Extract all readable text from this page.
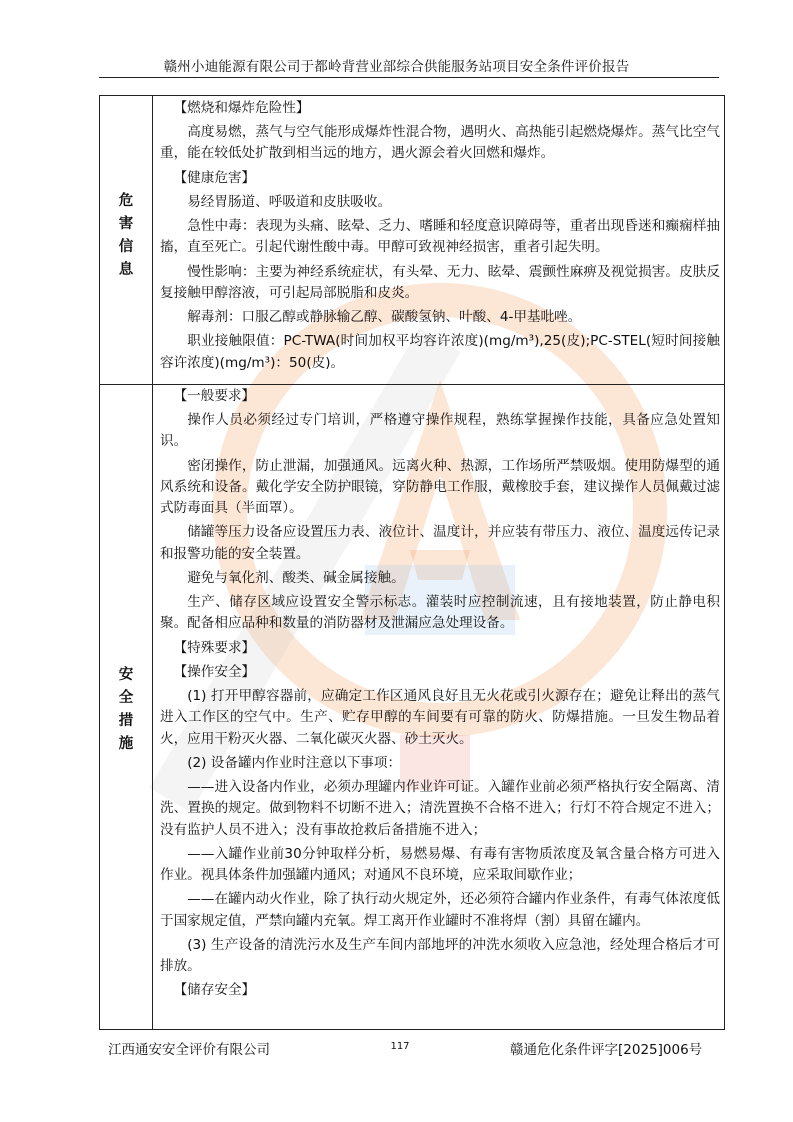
赣州小迪能源有限公司于都岭背营业部综合供能服务站项目安全条件评价报告
危
害
信
息
安
全
措
施

【燃烧和爆炸危险性】

高度易燃，蒸气与空气能形成爆炸性混合物，遇明火、高热能引起燃烧爆炸。蒸气比空气重，能在较低处扩散到相当远的地方，遇火源会着火回燃和爆炸。

【健康危害】

易经胃肠道、呼吸道和皮肤吸收。

急性中毒：表现为头痛、眩晕、乏力、嗜睡和轻度意识障碍等，重者出现昏迷和癫痫样抽搐，直至死亡。引起代谢性酸中毒。甲醇可致视神经损害，重者引起失明。

慢性影响：主要为神经系统症状，有头晕、无力、眩晕、震颤性麻痹及视觉损害。皮肤反复接触甲醇溶液，可引起局部脱脂和皮炎。

解毒剂：口服乙醇或静脉输乙醇、碳酸氢钠、叶酸、4-甲基吡唑。

职业接触限值：PC-TWA(时间加权平均容许浓度)(mg/m³),25(皮);PC-STEL(短时间接触容许浓度)(mg/m³)：50(皮)。

【一般要求】

操作人员必须经过专门培训，严格遵守操作规程，熟练掌握操作技能，具备应急处置知识。

密闭操作，防止泄漏，加强通风。远离火种、热源，工作场所严禁吸烟。使用防爆型的通风系统和设备。戴化学安全防护眼镜，穿防静电工作服，戴橡胶手套，建议操作人员佩戴过滤式防毒面具（半面罩）。

储罐等压力设备应设置压力表、液位计、温度计，并应装有带压力、液位、温度远传记录和报警功能的安全装置。

避免与氧化剂、酸类、碱金属接触。

生产、储存区域应设置安全警示标志。灌装时应控制流速，且有接地装置，防止静电积聚。配备相应品种和数量的消防器材及泄漏应急处理设备。

【特殊要求】

【操作安全】

(1) 打开甲醇容器前，应确定工作区通风良好且无火花或引火源存在；避免让释出的蒸气进入工作区的空气中。生产、贮存甲醇的车间要有可靠的防火、防爆措施。一旦发生物品着火，应用干粉灭火器、二氧化碳灭火器、砂土灭火。

(2) 设备罐内作业时注意以下事项：

——进入设备内作业，必须办理罐内作业许可证。入罐作业前必须严格执行安全隔离、清洗、置换的规定。做到物料不切断不进入；清洗置换不合格不进入；行灯不符合规定不进入；没有监护人员不进入；没有事故抢救后备措施不进入；

——入罐作业前30分钟取样分析，易燃易爆、有毒有害物质浓度及氧含量合格方可进入作业。视具体条件加强罐内通风；对通风不良环境，应采取间歇作业；

——在罐内动火作业，除了执行动火规定外，还必须符合罐内作业条件，有毒气体浓度低于国家规定值，严禁向罐内充氧。焊工离开作业罐时不准将焊（割）具留在罐内。

(3) 生产设备的清洗污水及生产车间内部地坪的冲洗水须收入应急池，经处理合格后才可排放。

【储存安全】

江西通安安全评价有限公司	117	赣通危化条件评字[2025]006号
